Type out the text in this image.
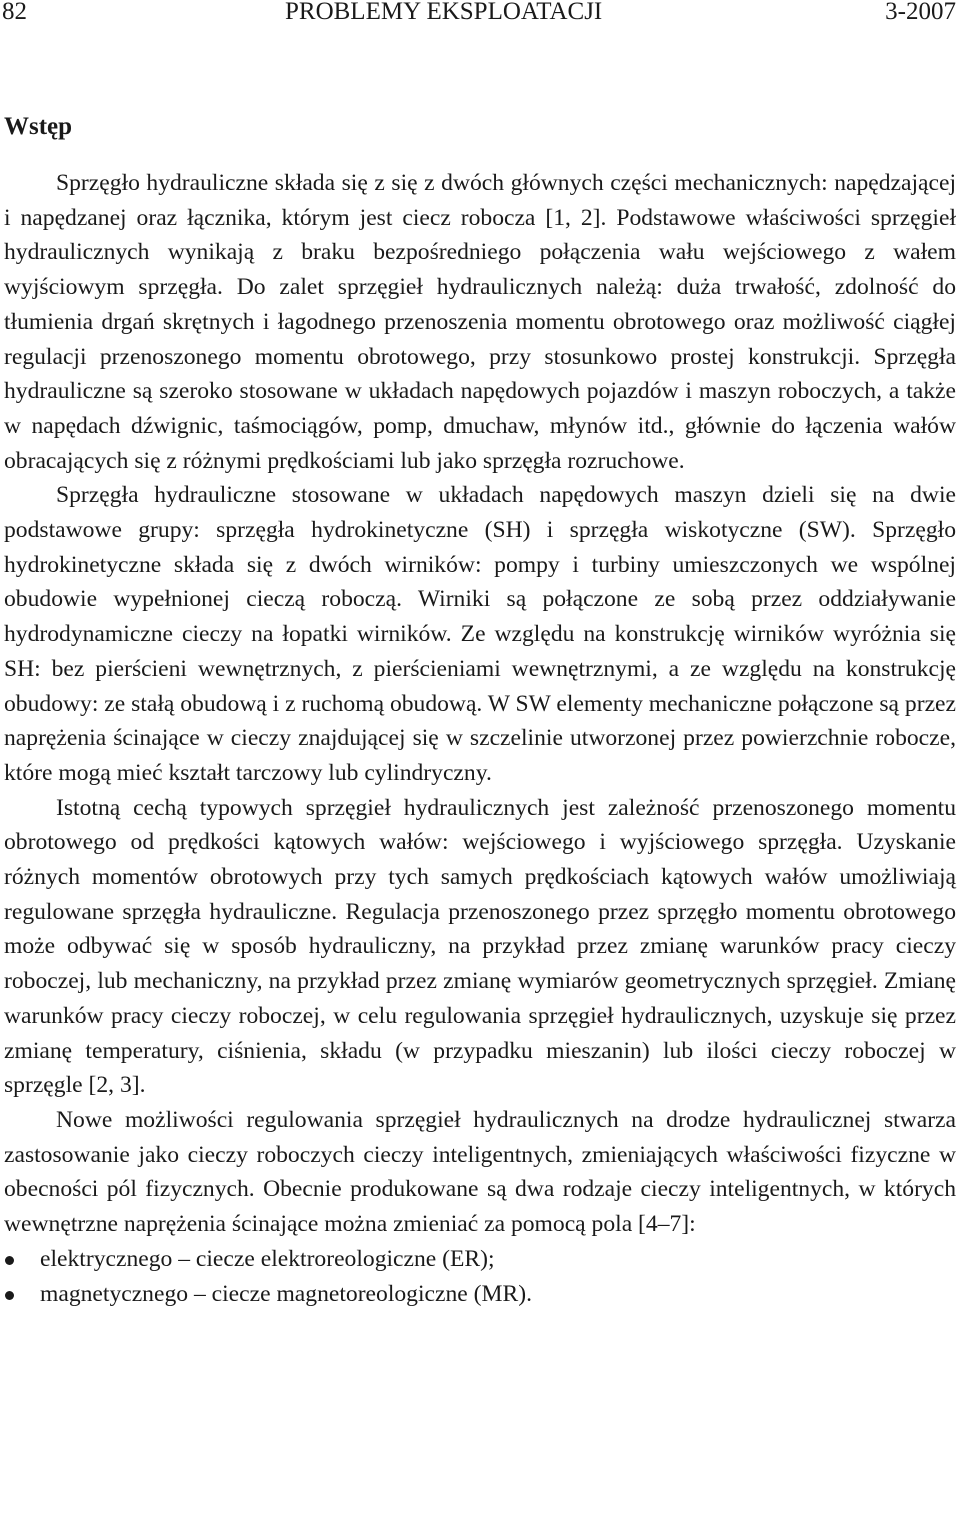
82	PROBLEMY EKSPLOATACJI	3-2007
Wstęp

Sprzęgło hydrauliczne składa się z się z dwóch głównych części mechanicznych: napędzającej i napędzanej oraz łącznika, którym jest ciecz robocza [1, 2]. Podstawowe właściwości sprzęgieł hydraulicznych wynikają z braku bezpośredniego połączenia wału wejściowego z wałem wyjściowym sprzęgła. Do zalet sprzęgieł hydraulicznych należą: duża trwałość, zdolność do tłumienia drgań skrętnych i łagodnego przenoszenia momentu obrotowego oraz możliwość ciągłej regulacji przenoszonego momentu obrotowego, przy stosunkowo prostej konstrukcji. Sprzęgła hydrauliczne są szeroko stosowane w układach napędowych pojazdów i maszyn roboczych, a także w napędach dźwignic, taśmociągów, pomp, dmuchaw, młynów itd., głównie do łączenia wałów obracających się z różnymi prędkościami lub jako sprzęgła rozruchowe.

Sprzęgła hydrauliczne stosowane w układach napędowych maszyn dzieli się na dwie podstawowe grupy: sprzęgła hydrokinetyczne (SH) i sprzęgła wiskotyczne (SW). Sprzęgło hydrokinetyczne składa się z dwóch wirników: pompy i turbiny umieszczonych we wspólnej obudowie wypełnionej cieczą roboczą. Wirniki są połączone ze sobą przez oddziaływanie hydrodynamiczne cieczy na łopatki wirników. Ze względu na konstrukcję wirników wyróżnia się SH: bez pierścieni wewnętrznych, z pierścieniami wewnętrznymi, a ze względu na konstrukcję obudowy: ze stałą obudową i z ruchomą obudową. W SW elementy mechaniczne połączone są przez naprężenia ścinające w cieczy znajdującej się w szczelinie utworzonej przez powierzchnie robocze, które mogą mieć kształt tarczowy lub cylindryczny.

Istotną cechą typowych sprzęgieł hydraulicznych jest zależność przenoszonego momentu obrotowego od prędkości kątowych wałów: wejściowego i wyjściowego sprzęgła. Uzyskanie różnych momentów obrotowych przy tych samych prędkościach kątowych wałów umożliwiają regulowane sprzęgła hydrauliczne. Regulacja przenoszonego przez sprzęgło momentu obrotowego może odbywać się w sposób hydrauliczny, na przykład przez zmianę warunków pracy cieczy roboczej, lub mechaniczny, na przykład przez zmianę wymiarów geometrycznych sprzęgieł. Zmianę warunków pracy cieczy roboczej, w celu regulowania sprzęgieł hydraulicznych, uzyskuje się przez zmianę temperatury, ciśnienia, składu (w przypadku mieszanin) lub ilości cieczy roboczej w sprzęgle [2, 3].

Nowe możliwości regulowania sprzęgieł hydraulicznych na drodze hydraulicznej stwarza zastosowanie jako cieczy roboczych cieczy inteligentnych, zmieniających właściwości fizyczne w obecności pól fizycznych. Obecnie produkowane są dwa rodzaje cieczy inteligentnych, w których wewnętrzne naprężenia ścinające można zmieniać za pomocą pola [4–7]:

elektrycznego – ciecze elektroreologiczne (ER);
magnetycznego – ciecze magnetoreologiczne (MR).
